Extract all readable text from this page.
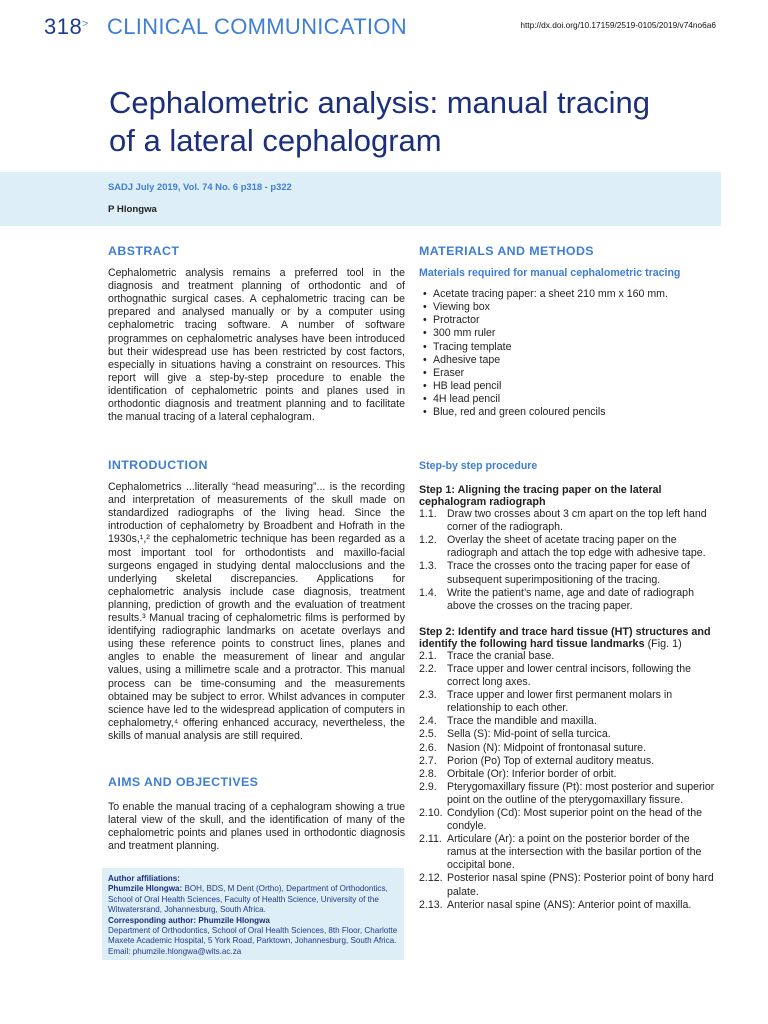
318 > CLINICAL COMMUNICATION	http://dx.doi.org/10.17159/2519-0105/2019/v74no6a6
Cephalometric analysis: manual tracing of a lateral cephalogram
SADJ July 2019, Vol. 74 No. 6 p318 - p322
P Hlongwa
ABSTRACT

Cephalometric analysis remains a preferred tool in the diagnosis and treatment planning of orthodontic and of orthognathic surgical cases. A cephalometric tracing can be prepared and analysed manually or by a computer using cephalometric tracing software. A number of software programmes on cephalometric analyses have been introduced but their widespread use has been restricted by cost factors, especially in situations having a constraint on resources. This report will give a step-by-step procedure to enable the identification of cephalometric points and planes used in orthodontic diagnosis and treatment planning and to facilitate the manual tracing of a lateral cephalogram.

INTRODUCTION

Cephalometrics ...literally “head measuring”... is the recording and interpretation of measurements of the skull made on standardized radiographs of the living head. Since the introduction of cephalometry by Broadbent and Hofrath in the 1930s,¹,² the cephalometric technique has been regarded as a most important tool for orthodontists and maxillo-facial surgeons engaged in studying dental malocclusions and the underlying skeletal discrepancies. Applications for cephalometric analysis include case diagnosis, treatment planning, prediction of growth and the evaluation of treatment results.³ Manual tracing of cephalometric films is performed by identifying radiographic landmarks on acetate overlays and using these reference points to construct lines, planes and angles to enable the measurement of linear and angular values, using a millimetre scale and a protractor. This manual process can be time-consuming and the measurements obtained may be subject to error. Whilst advances in computer science have led to the widespread application of computers in cephalometry,⁴ offering enhanced accuracy, nevertheless, the skills of manual analysis are still required.

AIMS AND OBJECTIVES

To enable the manual tracing of a cephalogram showing a true lateral view of the skull, and the identification of many of the cephalometric points and planes used in orthodontic diagnosis and treatment planning.

Author affiliations:
Phumzile Hlongwa: BOH, BDS, M Dent (Ortho), Department of Orthodontics, School of Oral Health Sciences, Faculty of Health Science, University of the Witwatersrand, Johannesburg, South Africa.
Corresponding author: Phumzile Hlongwa
Department of Orthodontics, School of Oral Health Sciences, 8th Floor, Charlotte Maxete Academic Hospital, 5 York Road, Parktown, Johannesburg, South Africa. Email: phumzile.hlongwa@wits.ac.za
MATERIALS AND METHODS
Materials required for manual cephalometric tracing
• Acetate tracing paper: a sheet 210 mm x 160 mm.
• Viewing box
• Protractor
• 300 mm ruler
• Tracing template
• Adhesive tape
• Eraser
• HB lead pencil
• 4H lead pencil
• Blue, red and green coloured pencils
Step-by step procedure
Step 1: Aligning the tracing paper on the lateral cephalogram radiograph
1.1. Draw two crosses about 3 cm apart on the top left hand corner of the radiograph.
1.2. Overlay the sheet of acetate tracing paper on the radiograph and attach the top edge with adhesive tape.
1.3. Trace the crosses onto the tracing paper for ease of subsequent superimpositioning of the tracing.
1.4. Write the patient’s name, age and date of radiograph above the crosses on the tracing paper.
Step 2: Identify and trace hard tissue (HT) structures and identify the following hard tissue landmarks (Fig. 1)
2.1. Trace the cranial base.
2.2. Trace upper and lower central incisors, following the correct long axes.
2.3. Trace upper and lower first permanent molars in relationship to each other.
2.4. Trace the mandible and maxilla.
2.5. Sella (S): Mid-point of sella turcica.
2.6. Nasion (N): Midpoint of frontonasal suture.
2.7. Porion (Po) Top of external auditory meatus.
2.8. Orbitale (Or): Inferior border of orbit.
2.9. Pterygomaxillary fissure (Pt): most posterior and superior point on the outline of the pterygomaxillary fissure.
2.10. Condylion (Cd): Most superior point on the head of the condyle.
2.11. Articulare (Ar): a point on the posterior border of the ramus at the intersection with the basilar portion of the occipital bone.
2.12. Posterior nasal spine (PNS): Posterior point of bony hard palate.
2.13. Anterior nasal spine (ANS): Anterior point of maxilla.
